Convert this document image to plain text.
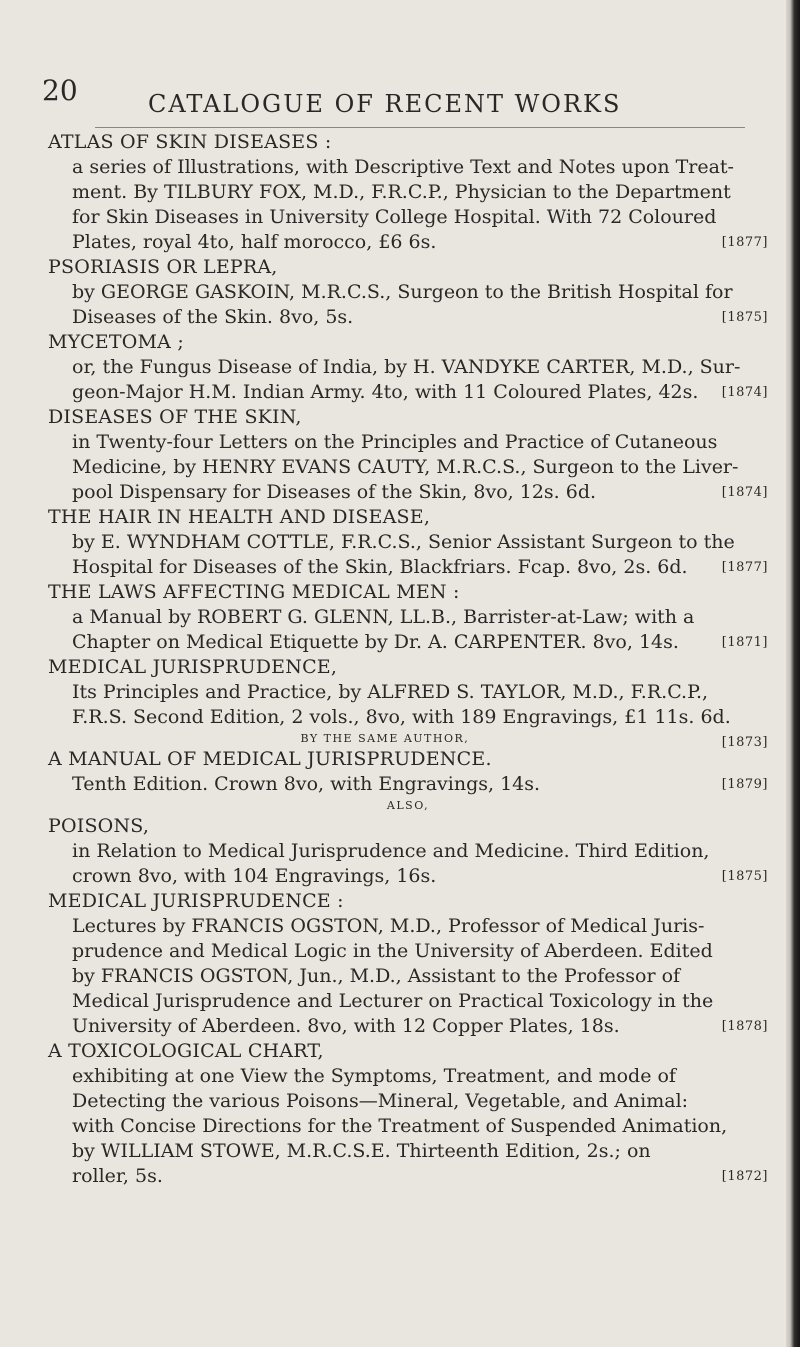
20	CATALOGUE OF RECENT WORKS
ATLAS OF SKIN DISEASES :
a series of Illustrations, with Descriptive Text and Notes upon Treat-
ment. By TILBURY FOX, M.D., F.R.C.P., Physician to the Department
for Skin Diseases in University College Hospital. With 72 Coloured
Plates, royal 4to, half morocco, £6 6s.	[1877]
PSORIASIS OR LEPRA,
by GEORGE GASKOIN, M.R.C.S., Surgeon to the British Hospital for
Diseases of the Skin. 8vo, 5s.	[1875]
MYCETOMA ;
or, the Fungus Disease of India, by H. VANDYKE CARTER, M.D., Sur-
geon-Major H.M. Indian Army. 4to, with 11 Coloured Plates, 42s. [1874]
DISEASES OF THE SKIN,
in Twenty-four Letters on the Principles and Practice of Cutaneous
Medicine, by HENRY EVANS CAUTY, M.R.C.S., Surgeon to the Liver-
pool Dispensary for Diseases of the Skin, 8vo, 12s. 6d.	[1874]
THE HAIR IN HEALTH AND DISEASE,
by E. WYNDHAM COTTLE, F.R.C.S., Senior Assistant Surgeon to the
Hospital for Diseases of the Skin, Blackfriars. Fcap. 8vo, 2s. 6d.	[1877]
THE LAWS AFFECTING MEDICAL MEN :
a Manual by ROBERT G. GLENN, LL.B., Barrister-at-Law; with a
Chapter on Medical Etiquette by Dr. A. CARPENTER. 8vo, 14s.	[1871]
MEDICAL JURISPRUDENCE,
Its Principles and Practice, by ALFRED S. TAYLOR, M.D., F.R.C.P.,
F.R.S. Second Edition, 2 vols., 8vo, with 189 Engravings, £1 11s. 6d.
[1873]
BY THE SAME AUTHOR,
A MANUAL OF MEDICAL JURISPRUDENCE.
Tenth Edition. Crown 8vo, with Engravings, 14s.	[1879]
ALSO,
POISONS,
in Relation to Medical Jurisprudence and Medicine. Third Edition,
crown 8vo, with 104 Engravings, 16s.	[1875]
MEDICAL JURISPRUDENCE :
Lectures by FRANCIS OGSTON, M.D., Professor of Medical Juris-
prudence and Medical Logic in the University of Aberdeen. Edited
by FRANCIS OGSTON, Jun., M.D., Assistant to the Professor of
Medical Jurisprudence and Lecturer on Practical Toxicology in the
University of Aberdeen. 8vo, with 12 Copper Plates, 18s.	[1878]
A TOXICOLOGICAL CHART,
exhibiting at one View the Symptoms, Treatment, and mode of
Detecting the various Poisons—Mineral, Vegetable, and Animal:
with Concise Directions for the Treatment of Suspended Animation,
by WILLIAM STOWE, M.R.C.S.E. Thirteenth Edition, 2s.; on
roller, 5s.	[1872]
